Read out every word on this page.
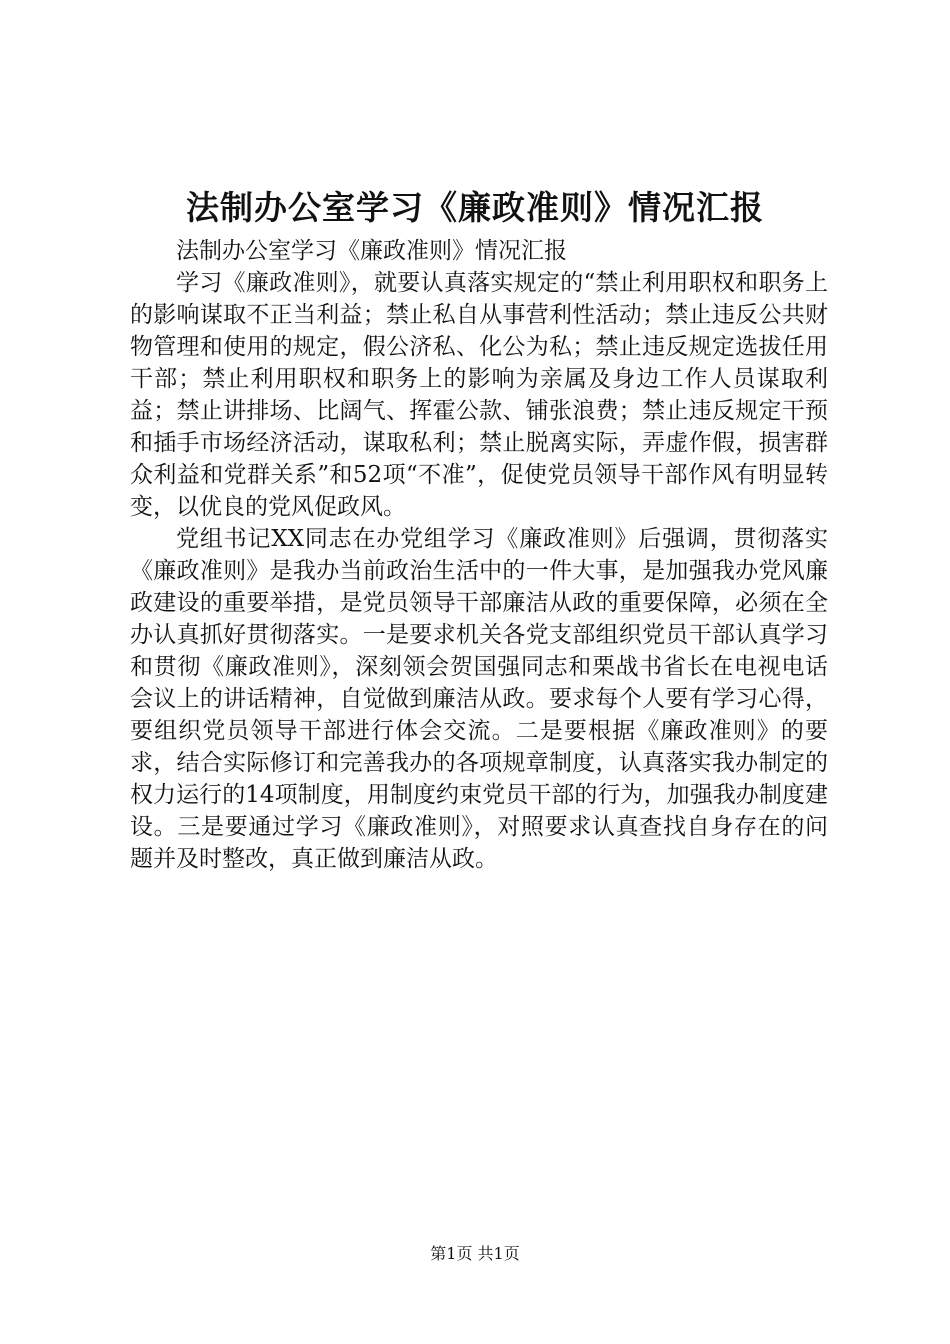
法制办公室学习《廉政准则》情况汇报

法制办公室学习《廉政准则》情况汇报

学习《廉政准则》，就要认真落实规定的“禁止利用职权和职务上的影响谋取不正当利益；禁止私自从事营利性活动；禁止违反公共财物管理和使用的规定，假公济私、化公为私；禁止违反规定选拔任用干部；禁止利用职权和职务上的影响为亲属及身边工作人员谋取利益；禁止讲排场、比阔气、挥霍公款、铺张浪费；禁止违反规定干预和插手市场经济活动，谋取私利；禁止脱离实际，弄虚作假，损害群众利益和党群关系”和52项“不准”，促使党员领导干部作风有明显转变，以优良的党风促政风。

党组书记XX同志在办党组学习《廉政准则》后强调，贯彻落实《廉政准则》是我办当前政治生活中的一件大事，是加强我办党风廉政建设的重要举措，是党员领导干部廉洁从政的重要保障，必须在全办认真抓好贯彻落实。一是要求机关各党支部组织党员干部认真学习和贯彻《廉政准则》，深刻领会贺国强同志和栗战书省长在电视电话会议上的讲话精神，自觉做到廉洁从政。要求每个人要有学习心得，要组织党员领导干部进行体会交流。二是要根据《廉政准则》的要求，结合实际修订和完善我办的各项规章制度，认真落实我办制定的权力运行的14项制度，用制度约束党员干部的行为，加强我办制度建设。三是要通过学习《廉政准则》，对照要求认真查找自身存在的问题并及时整改，真正做到廉洁从政。

第1页 共1页
